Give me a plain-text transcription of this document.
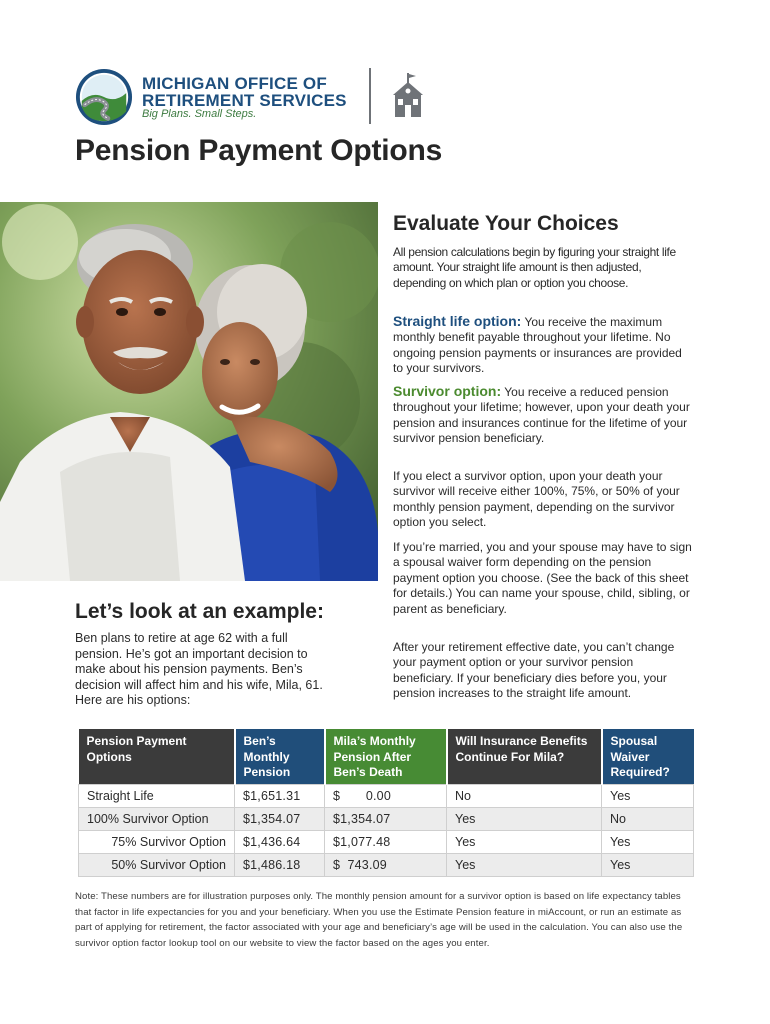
MICHIGAN OFFICE OF
RETIREMENT SERVICES
Big Plans. Small Steps.
Pension Payment Options
Evaluate Your Choices

All pension calculations begin by figuring your straight life amount. Your straight life amount is then adjusted, depending on which plan or option you choose.

Straight life option: You receive the maximum monthly benefit payable throughout your lifetime. No ongoing pension payments or insurances are provided to your survivors.

Survivor option: You receive a reduced pension throughout your lifetime; however, upon your death your pension and insurances continue for the lifetime of your survivor pension beneficiary.

If you elect a survivor option, upon your death your survivor will receive either 100%, 75%, or 50% of your monthly pension payment, depending on the survivor option you select.

If you’re married, you and your spouse may have to sign a spousal waiver form depending on the pension payment option you choose. (See the back of this sheet for details.) You can name your spouse, child, sibling, or parent as beneficiary.

After your retirement effective date, you can’t change your payment option or your survivor pension beneficiary. If your beneficiary dies before you, your pension increases to the straight life amount.

Let’s look at an example:

Ben plans to retire at age 62 with a full pension. He’s got an important decision to make about his pension payments. Ben’s decision will affect him and his wife, Mila, 61. Here are his options:

Pension Payment Options	Ben’s Monthly Pension	Mila’s Monthly Pension After Ben’s Death	Will Insurance Benefits Continue For Mila?	Spousal Waiver Required?
Straight Life	$1,651.31	$       0.00	No	Yes
100% Survivor Option	$1,354.07	$1,354.07	Yes	No
75% Survivor Option	$1,436.64	$1,077.48	Yes	Yes
50% Survivor Option	$1,486.18	$  743.09	Yes	Yes

Note: These numbers are for illustration purposes only. The monthly pension amount for a survivor option is based on life expectancy tables that factor in life expectancies for you and your beneficiary. When you use the Estimate Pension feature in miAccount, or run an estimate as part of applying for retirement, the factor associated with your age and beneficiary’s age will be used in the calculation. You can also use the survivor option factor lookup tool on our website to view the factor based on the ages you enter.
